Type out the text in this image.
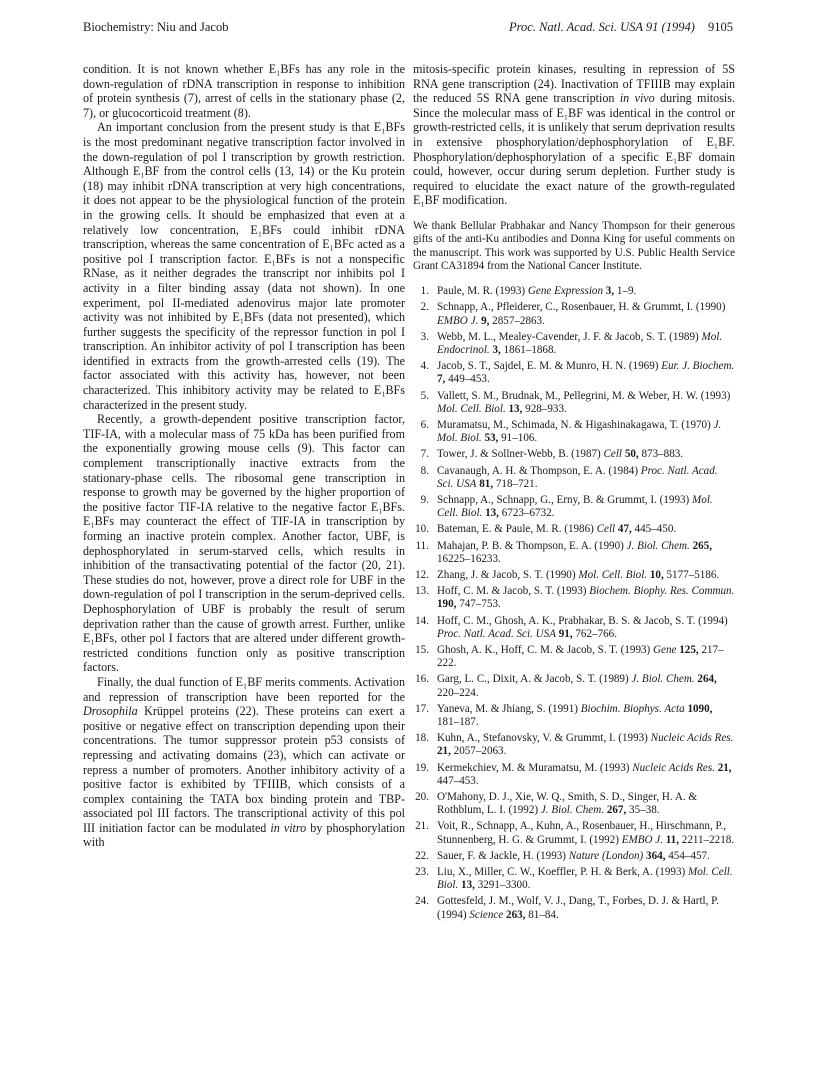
Biochemistry: Niu and Jacob	Proc. Natl. Acad. Sci. USA 91 (1994) 9105

condition. It is not known whether E₁BFs has any role in the down-regulation of rDNA transcription in response to inhibition of protein synthesis (7), arrest of cells in the stationary phase (2, 7), or glucocorticoid treatment (8).

An important conclusion from the present study is that E₁BFs is the most predominant negative transcription factor involved in the down-regulation of pol I transcription by growth restriction. Although E₁BF from the control cells (13, 14) or the Ku protein (18) may inhibit rDNA transcription at very high concentrations, it does not appear to be the physiological function of the protein in the growing cells. It should be emphasized that even at a relatively low concentration, E₁BFs could inhibit rDNA transcription, whereas the same concentration of E₁BFc acted as a positive pol I transcription factor. E₁BFs is not a nonspecific RNase, as it neither degrades the transcript nor inhibits pol I activity in a filter binding assay (data not shown). In one experiment, pol II-mediated adenovirus major late promoter activity was not inhibited by E₁BFs (data not presented), which further suggests the specificity of the repressor function in pol I transcription. An inhibitor activity of pol I transcription has been identified in extracts from the growth-arrested cells (19). The factor associated with this activity has, however, not been characterized. This inhibitory activity may be related to E₁BFs characterized in the present study.

Recently, a growth-dependent positive transcription factor, TIF-IA, with a molecular mass of 75 kDa has been purified from the exponentially growing mouse cells (9). This factor can complement transcriptionally inactive extracts from the stationary-phase cells. The ribosomal gene transcription in response to growth may be governed by the higher proportion of the positive factor TIF-IA relative to the negative factor E₁BFs. E₁BFs may counteract the effect of TIF-IA in transcription by forming an inactive protein complex. Another factor, UBF, is dephosphorylated in serum-starved cells, which results in inhibition of the transactivating potential of the factor (20, 21). These studies do not, however, prove a direct role for UBF in the down-regulation of pol I transcription in the serum-deprived cells. Dephosphorylation of UBF is probably the result of serum deprivation rather than the cause of growth arrest. Further, unlike E₁BFs, other pol I factors that are altered under different growth-restricted conditions function only as positive transcription factors.

Finally, the dual function of E₁BF merits comments. Activation and repression of transcription have been reported for the Drosophila Krüppel proteins (22). These proteins can exert a positive or negative effect on transcription depending upon their concentrations. The tumor suppressor protein p53 consists of repressing and activating domains (23), which can activate or repress a number of promoters. Another inhibitory activity of a positive factor is exhibited by TFIIIB, which consists of a complex containing the TATA box binding protein and TBP-associated pol III factors. The transcriptional activity of this pol III initiation factor can be modulated in vitro by phosphorylation with

mitosis-specific protein kinases, resulting in repression of 5S RNA gene transcription (24). Inactivation of TFIIIB may explain the reduced 5S RNA gene transcription in vivo during mitosis. Since the molecular mass of E₁BF was identical in the control or growth-restricted cells, it is unlikely that serum deprivation results in extensive phosphorylation/dephosphorylation of E₁BF. Phosphorylation/dephosphorylation of a specific E₁BF domain could, however, occur during serum depletion. Further study is required to elucidate the exact nature of the growth-regulated E₁BF modification.

We thank Bellular Prabhakar and Nancy Thompson for their generous gifts of the anti-Ku antibodies and Donna King for useful comments on the manuscript. This work was supported by U.S. Public Health Service Grant CA31894 from the National Cancer Institute.

1. Paule, M. R. (1993) Gene Expression 3, 1–9.
2. Schnapp, A., Pfleiderer, C., Rosenbauer, H. & Grummt, I. (1990) EMBO J. 9, 2857–2863.
3. Webb, M. L., Mealey-Cavender, J. F. & Jacob, S. T. (1989) Mol. Endocrinol. 3, 1861–1868.
4. Jacob, S. T., Sajdel, E. M. & Munro, H. N. (1969) Eur. J. Biochem. 7, 449–453.
5. Vallett, S. M., Brudnak, M., Pellegrini, M. & Weber, H. W. (1993) Mol. Cell. Biol. 13, 928–933.
6. Muramatsu, M., Schimada, N. & Higashinakagawa, T. (1970) J. Mol. Biol. 53, 91–106.
7. Tower, J. & Sollner-Webb, B. (1987) Cell 50, 873–883.
8. Cavanaugh, A. H. & Thompson, E. A. (1984) Proc. Natl. Acad. Sci. USA 81, 718–721.
9. Schnapp, A., Schnapp, G., Erny, B. & Grummt, I. (1993) Mol. Cell. Biol. 13, 6723–6732.
10. Bateman, E. & Paule, M. R. (1986) Cell 47, 445–450.
11. Mahajan, P. B. & Thompson, E. A. (1990) J. Biol. Chem. 265, 16225–16233.
12. Zhang, J. & Jacob, S. T. (1990) Mol. Cell. Biol. 10, 5177–5186.
13. Hoff, C. M. & Jacob, S. T. (1993) Biochem. Biophy. Res. Commun. 190, 747–753.
14. Hoff, C. M., Ghosh, A. K., Prabhakar, B. S. & Jacob, S. T. (1994) Proc. Natl. Acad. Sci. USA 91, 762–766.
15. Ghosh, A. K., Hoff, C. M. & Jacob, S. T. (1993) Gene 125, 217–222.
16. Garg, L. C., Dixit, A. & Jacob, S. T. (1989) J. Biol. Chem. 264, 220–224.
17. Yaneva, M. & Jhiang, S. (1991) Biochim. Biophys. Acta 1090, 181–187.
18. Kuhn, A., Stefanovsky, V. & Grummt, I. (1993) Nucleic Acids Res. 21, 2057–2063.
19. Kermekchiev, M. & Muramatsu, M. (1993) Nucleic Acids Res. 21, 447–453.
20. O'Mahony, D. J., Xie, W. Q., Smith, S. D., Singer, H. A. & Rothblum, L. I. (1992) J. Biol. Chem. 267, 35–38.
21. Voit, R., Schnapp, A., Kuhn, A., Rosenbauer, H., Hirschmann, P., Stunnenberg, H. G. & Grummt, I. (1992) EMBO J. 11, 2211–2218.
22. Sauer, F. & Jackle, H. (1993) Nature (London) 364, 454–457.
23. Liu, X., Miller, C. W., Koeffler, P. H. & Berk, A. (1993) Mol. Cell. Biol. 13, 3291–3300.
24. Gottesfeld, J. M., Wolf, V. J., Dang, T., Forbes, D. J. & Hartl, P. (1994) Science 263, 81–84.
